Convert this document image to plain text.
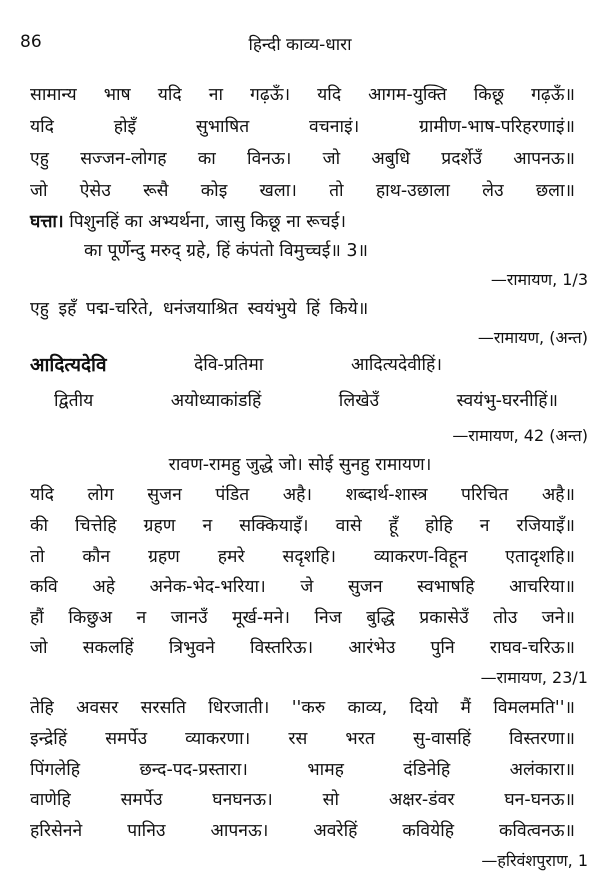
86	हिन्दी काव्य-धारा
सामान्य भाष यदि ना गढ़ऊँ। यदि आगम-युक्ति किछू गढ़ऊँ॥
यदि होइँ सुभाषित वचनाइं। ग्रामीण-भाष-परिहरणाइं॥
एहु सज्जन-लोगह का विनऊ। जो अबुधि प्रदर्शेउँ आपनऊ॥
जो ऐसेउ रूसै कोइ खला। तो हाथ-उछाला लेउ छला॥
घत्ता। पिशुनहिं का अभ्यर्थना, जासु किछू ना रूचई।
का पूर्णेन्दु मरुद् ग्रहे, हिं कंपंतो विमुच्चई॥ 3॥
—रामायण, 1/3
एहु इहँ पद्म-चरिते, धनंजयाश्रित स्वयंभुये हिं किये॥
—रामायण, (अन्त)
आदित्यदेवि	देवि-प्रतिमा	आदित्यदेवीहिं।
द्वितीय अयोध्याकांडहिं लिखेउँ स्वयंभु-घरनीहिं॥
—रामायण, 42 (अन्त)
रावण-रामहु जुद्धे जो। सोई सुनहु रामायण।
यदि लोग सुजन पंडित अहै। शब्दार्थ-शास्त्र परिचित अहै॥
की चित्तेहि ग्रहण न सक्कियाइँ। वासे हूँ होहि न रजियाइँ॥
तो कौन ग्रहण हमरे सदृशहि। व्याकरण-विहून एतादृशहि॥
कवि अहे अनेक-भेद-भरिया। जे सुजन स्वभाषहि आचरिया॥
हौं किछुअ न जानउँ मूर्ख-मने। निज बुद्धि प्रकासेउँ तोउ जने॥
जो सकलहिं त्रिभुवने विस्तरिऊ। आरंभेउ पुनि राघव-चरिऊ॥
—रामायण, 23/1
तेहि अवसर सरसति धिरजाती। ''करु काव्य, दियो मैं विमलमति''॥
इन्द्रेहिं समर्पेउ व्याकरणा। रस भरत सु-वासहिं विस्तरणा॥
पिंगलेहि छन्द-पद-प्रस्तारा। भामह दंडिनेहि अलंकारा॥
वाणेहि समर्पेउ घनघनऊ। सो अक्षर-डंवर घन-घनऊ॥
हरिसेनने पानिउ आपनऊ। अवरेहिं कवियेहि कवित्वनऊ॥
—हरिवंशपुराण, 1
